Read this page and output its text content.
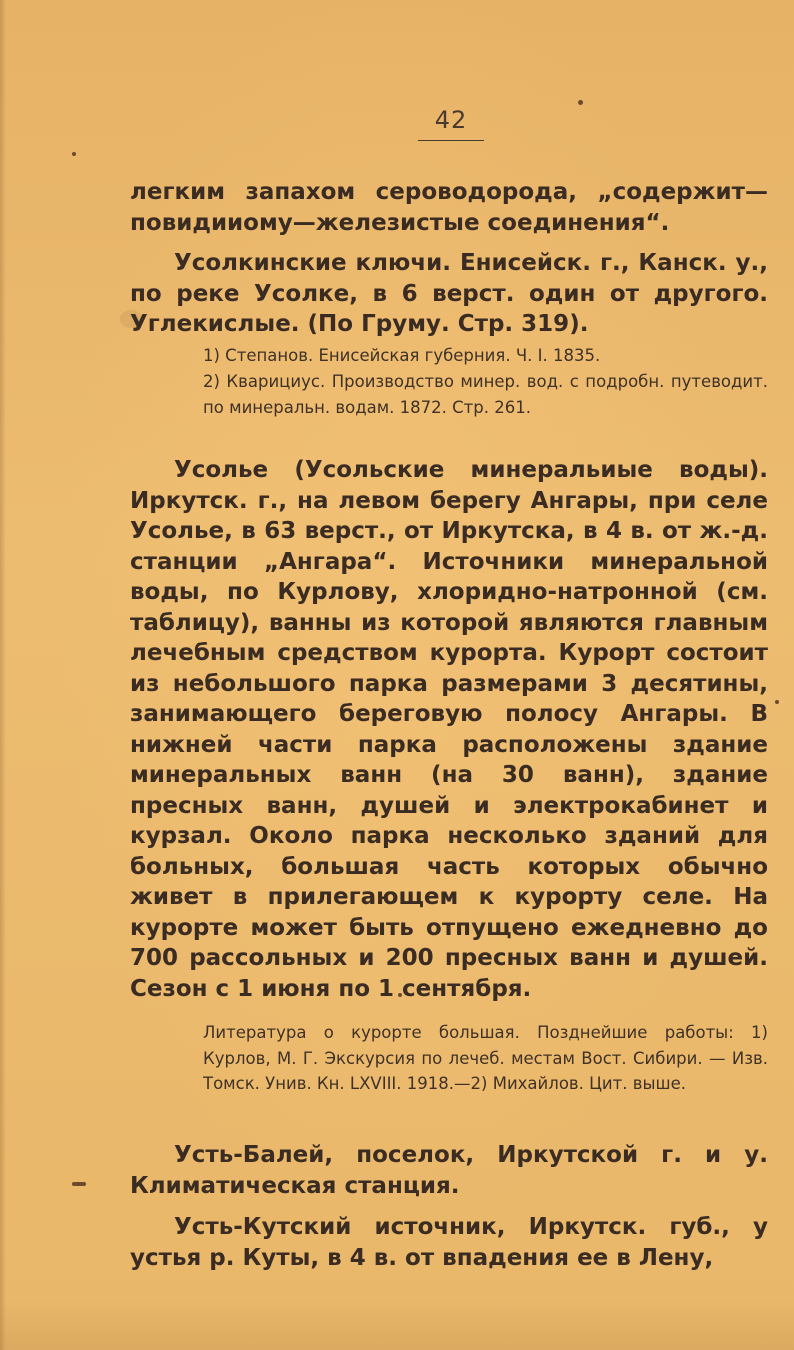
42

легким запахом сероводорода, „содержит—повидииому—железистые соединения“.

Усолкинские ключи. Енисейск. г., Канск. у., по реке Усолке, в 6 верст. один от другого. Углекислые. (По Груму. Стр. 319).

1) Степанов. Енисейская губерния. Ч. I. 1835.

2) Кварициус. Производство минер. вод. с подробн. путеводит. по минеральн. водам. 1872. Стр. 261.

Усолье (Усольские минеральиые воды). Иркутск. г., на левом берегу Ангары, при селе Усолье, в 63 верст., от Иркутска, в 4 в. от ж.-д. станции „Ангара“. Источники минеральной воды, по Курлову, хлоридно-натронной (см. таблицу), ванны из которой являются главным лечебным средством курорта. Курорт состоит из небольшого парка размерами 3 десятины, занимающего береговую полосу Ангары. В нижней части парка расположены здание минеральных ванн (на 30 ванн), здание пресных ванн, душей и электрокабинет и курзал. Около парка несколько зданий для больных, большая часть которых обычно живет в прилегающем к курорту селе. На курорте может быть отпущено ежедневно до 700 рассольных и 200 пресных ванн и душей. Сезон с 1 июня по 1 сентября.

Литература о курорте большая. Позднейшие работы: 1) Курлов, М. Г. Экскурсия по лечеб. местам Вост. Сибири. — Изв. Томск. Унив. Кн. LXVIII. 1918.—2) Михайлов. Цит. выше.

Усть-Балей, поселок, Иркутской г. и у. Климатическая станция.

Усть-Кутский источник, Иркутск. губ., у устья р. Куты, в 4 в. от впадения ее в Лену,
